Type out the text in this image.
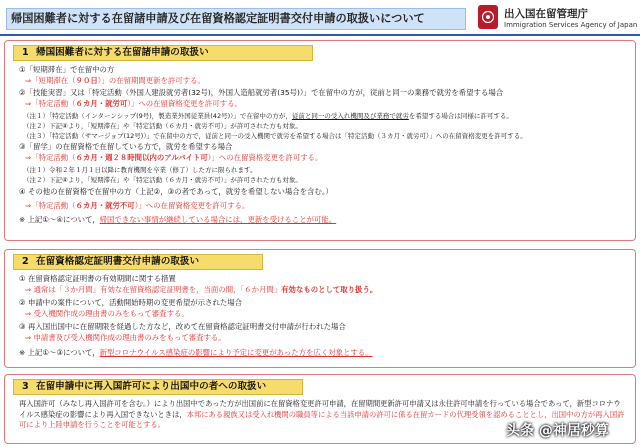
帰国困難者に対する在留諸申請及び在留資格認定証明書交付申請の取扱いについて	出入国在留管理庁
Immigration Services Agency of Japan
1 帰国困難者に対する在留諸申請の取扱い
①「短期滞在」で在留中の方
⇒「短期滞在（９０日）」の在留期間更新を許可する。
②「技能実習」又は「特定活動（外国人建設就労者(32号)，外国人造船就労者(35号)）」で在留中の方が，従前と同一の業務で就労を希望する場合
⇒「特定活動（６カ月・就労可）」への在留資格変更を許可する。
（注１）「特定活動（インターンシップ(9号)，製造業外国従業員(42号)）」で在留中の方が，従前と同一の受入れ機関及び業務で就労を希望する場合は同様に許可する。
（注２）下記④より，「短期滞在」や「特定活動（６カ月・就労不可）」が許可された方も対象。
（注３）「特定活動（サマージョブ(12号)）」で在留中の方で，従前と同一の受入機関で就労を希望する場合は「特定活動（３カ月・就労可）」への在留資格変更を許可する。
③「留学」の在留資格で在留している方で，就労を希望する場合
⇒「特定活動（６カ月・週２８時間以内のアルバイト可）」への在留資格変更を許可する。
（注１）令和２年１月１日以降に教育機関を卒業（修了）した方に限られます。
（注２）下記④より，「短期滞在」や「特定活動（６カ月・就労不可）」が許可された方も対象。
④ その他の在留資格で在留中の方（上記②，③の者であって，就労を希望しない場合を含む。）
⇒「特定活動（６カ月・就労不可）」への在留資格変更を許可する。
※ 上記①～④について，帰国できない事情が継続している場合には，更新を受けることが可能。
2 在留資格認定証明書交付申請の取扱い
① 在留資格認定証明書の有効期間に関する措置
⇒ 通常は「３か月間」有効な在留資格認定証明書を，当面の間，「６か月間」有効なものとして取り扱う。
② 申請中の案件について，活動開始時期の変更希望が示された場合
⇒ 受入機関作成の理由書のみをもって審査する。
③ 再入国出国中に在留期限を経過した方など，改めて在留資格認定証明書交付申請が行われた場合
⇒ 申請書及び受入機関作成の理由書のみをもって審査する。
※ 上記①～③について，新型コロナウイルス感染症の影響により予定に変更があった方を広く対象とする。
3 在留申請中に再入国許可により出国中の者への取扱い
再入国許可（みなし再入国許可を含む。）により出国中であった方が出国前に在留資格変更許可申請，在留期間更新許可申請又は永住許可申請を行っている場合であって，新型コロナウイルス感染症の影響により再入国できないときは，本邦にある親族又は受入れ機関の職員等による当該申請の許可に係る在留カードの代理受領を認めることとし，出国中の方が再入国許可により上陸申請を行うことを可能とする。	头条 @神居秒算
